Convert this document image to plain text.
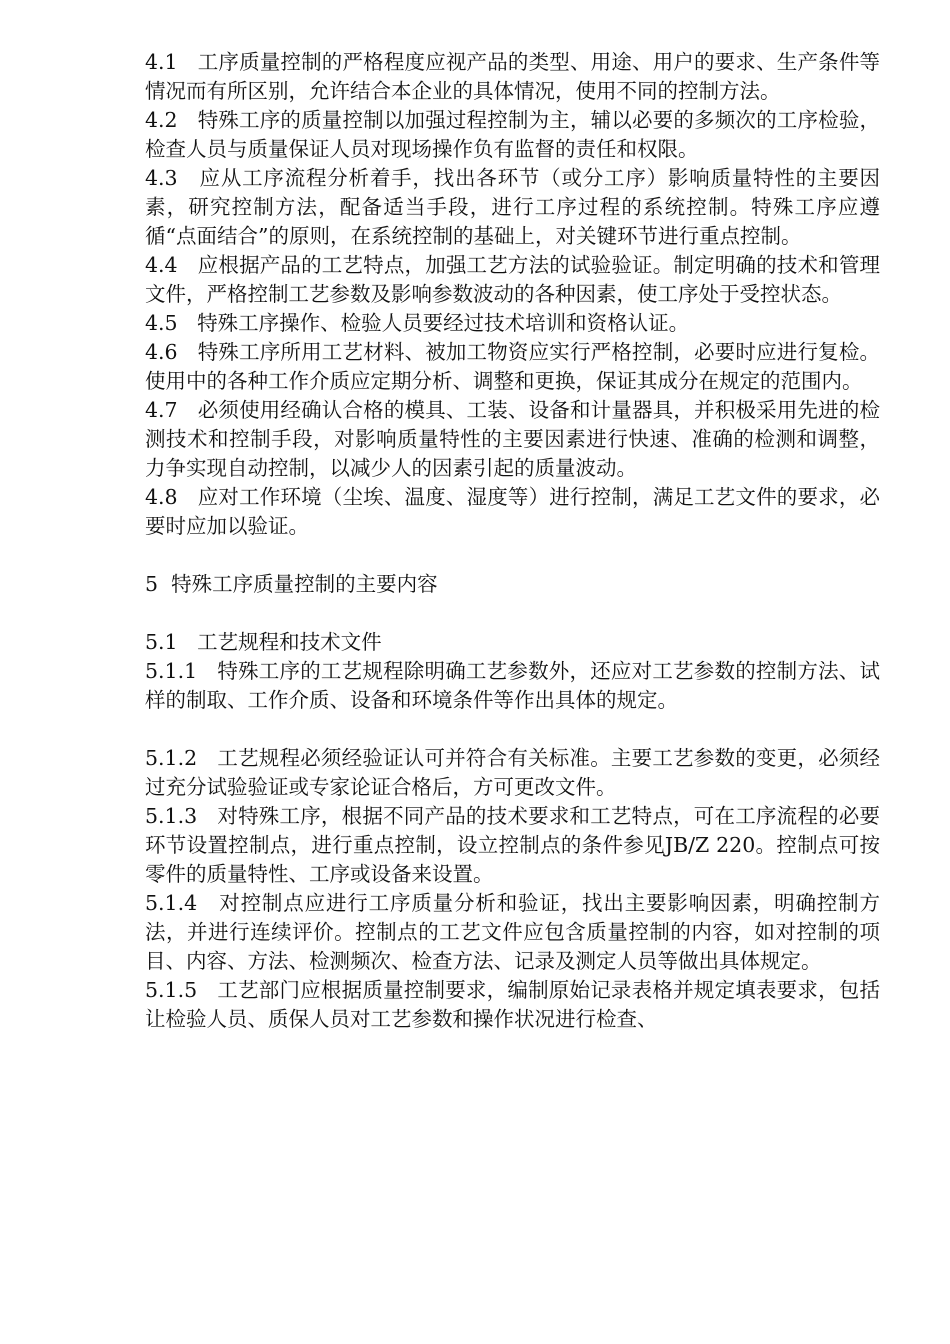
4.1   工序质量控制的严格程度应视产品的类型、用途、用户的要求、生产条件等情况而有所区别，允许结合本企业的具体情况，使用不同的控制方法。

4.2   特殊工序的质量控制以加强过程控制为主，辅以必要的多频次的工序检验，检查人员与质量保证人员对现场操作负有监督的责任和权限。

4.3   应从工序流程分析着手，找出各环节（或分工序）影响质量特性的主要因素，研究控制方法，配备适当手段，进行工序过程的系统控制。特殊工序应遵循“点面结合”的原则，在系统控制的基础上，对关键环节进行重点控制。

4.4   应根据产品的工艺特点，加强工艺方法的试验验证。制定明确的技术和管理文件，严格控制工艺参数及影响参数波动的各种因素，使工序处于受控状态。

4.5   特殊工序操作、检验人员要经过技术培训和资格认证。

4.6   特殊工序所用工艺材料、被加工物资应实行严格控制，必要时应进行复检。使用中的各种工作介质应定期分析、调整和更换，保证其成分在规定的范围内。

4.7   必须使用经确认合格的模具、工装、设备和计量器具，并积极采用先进的检测技术和控制手段，对影响质量特性的主要因素进行快速、准确的检测和调整，力争实现自动控制，以减少人的因素引起的质量波动。

4.8   应对工作环境（尘埃、温度、湿度等）进行控制，满足工艺文件的要求，必要时应加以验证。

5  特殊工序质量控制的主要内容

5.1   工艺规程和技术文件

5.1.1   特殊工序的工艺规程除明确工艺参数外，还应对工艺参数的控制方法、试样的制取、工作介质、设备和环境条件等作出具体的规定。

5.1.2   工艺规程必须经验证认可并符合有关标准。主要工艺参数的变更，必须经过充分试验验证或专家论证合格后，方可更改文件。

5.1.3   对特殊工序，根据不同产品的技术要求和工艺特点，可在工序流程的必要环节设置控制点，进行重点控制，设立控制点的条件参见JB/Z 220。控制点可按零件的质量特性、工序或设备来设置。

5.1.4   对控制点应进行工序质量分析和验证，找出主要影响因素，明确控制方法，并进行连续评价。控制点的工艺文件应包含质量控制的内容，如对控制的项目、内容、方法、检测频次、检查方法、记录及测定人员等做出具体规定。

5.1.5   工艺部门应根据质量控制要求，编制原始记录表格并规定填表要求，包括让检验人员、质保人员对工艺参数和操作状况进行检查、
